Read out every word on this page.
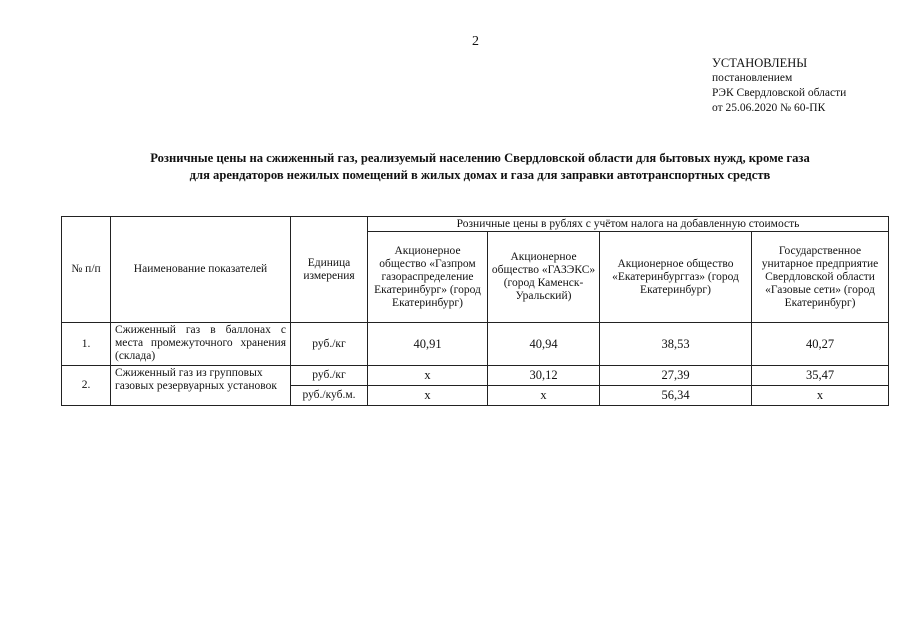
2
УСТАНОВЛЕНЫ
постановлением
РЭК Свердловской области
от 25.06.2020 № 60-ПК
Розничные цены на сжиженный газ, реализуемый населению Свердловской области для бытовых нужд, кроме газа
для арендаторов нежилых помещений в жилых домах и газа для заправки автотранспортных средств
№ п/п	Наименование показателей	Единица измерения	Розничные цены в рублях с учётом налога на добавленную стоимость			
			Акционерное общество «Газпром газораспределение Екатеринбург» (город Екатеринбург)	Акционерное общество «ГАЗЭКС» (город Каменск-Уральский)	Акционерное общество «Екатеринбурггаз» (город Екатеринбург)	Государственное унитарное предприятие Свердловской области «Газовые сети» (город Екатеринбург)
1.	Сжиженный газ в баллонах с места промежуточного хранения (склада)	руб./кг	40,91	40,94	38,53	40,27
2.	Сжиженный газ из групповых газовых резервуарных установок	руб./кг	х	30,12	27,39	35,47
		руб./куб.м.	х	х	56,34	х
